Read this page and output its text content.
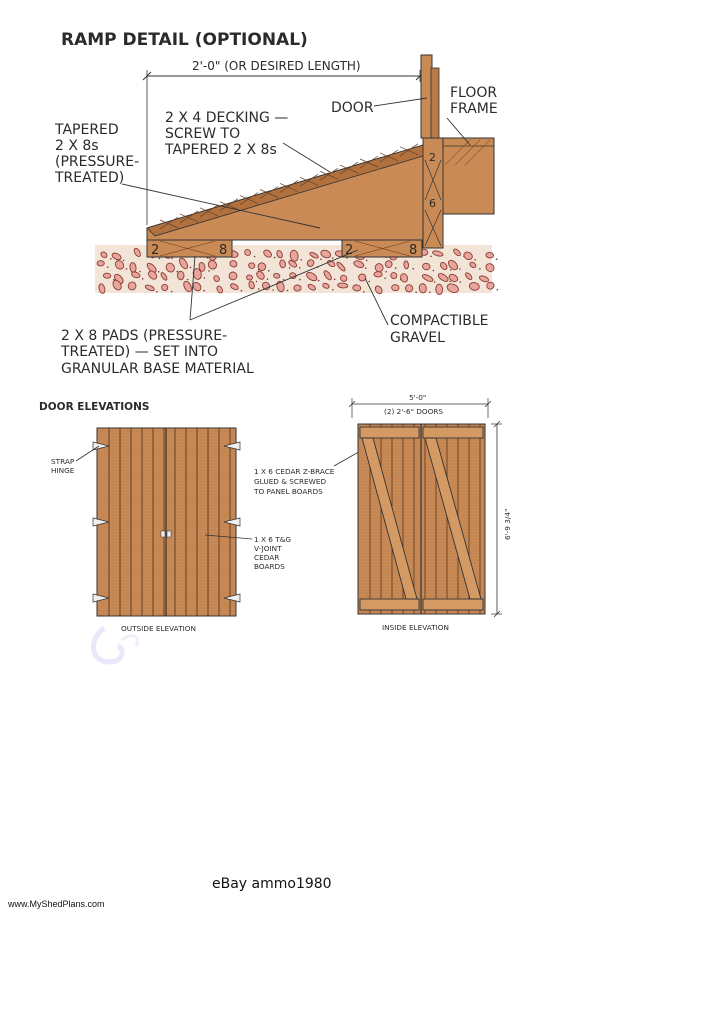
RAMP DETAIL (OPTIONAL)
2'-0" (OR DESIRED LENGTH)
2
6
2	8	2	8
DOOR
FLOOR
FRAME
2 X 4 DECKING —
SCREW TO
TAPERED 2 X 8s
TAPERED
2 X 8s
(PRESSURE-
TREATED)
2 X 8 PADS (PRESSURE-
TREATED) — SET INTO
GRANULAR BASE MATERIAL
COMPACTIBLE
GRAVEL
DOOR ELEVATIONS
STRAP
HINGE	1 X 6 CEDAR Z-BRACE
GLUED & SCREWED
TO PANEL BOARDS
1 X 6 T&G
V-JOINT
CEDAR
BOARDS
OUTSIDE ELEVATION
5'-0"
(2) 2'-6" DOORS
6'-9 3/4"
INSIDE ELEVATION
eBay ammo1980
www.MyShedPlans.com
